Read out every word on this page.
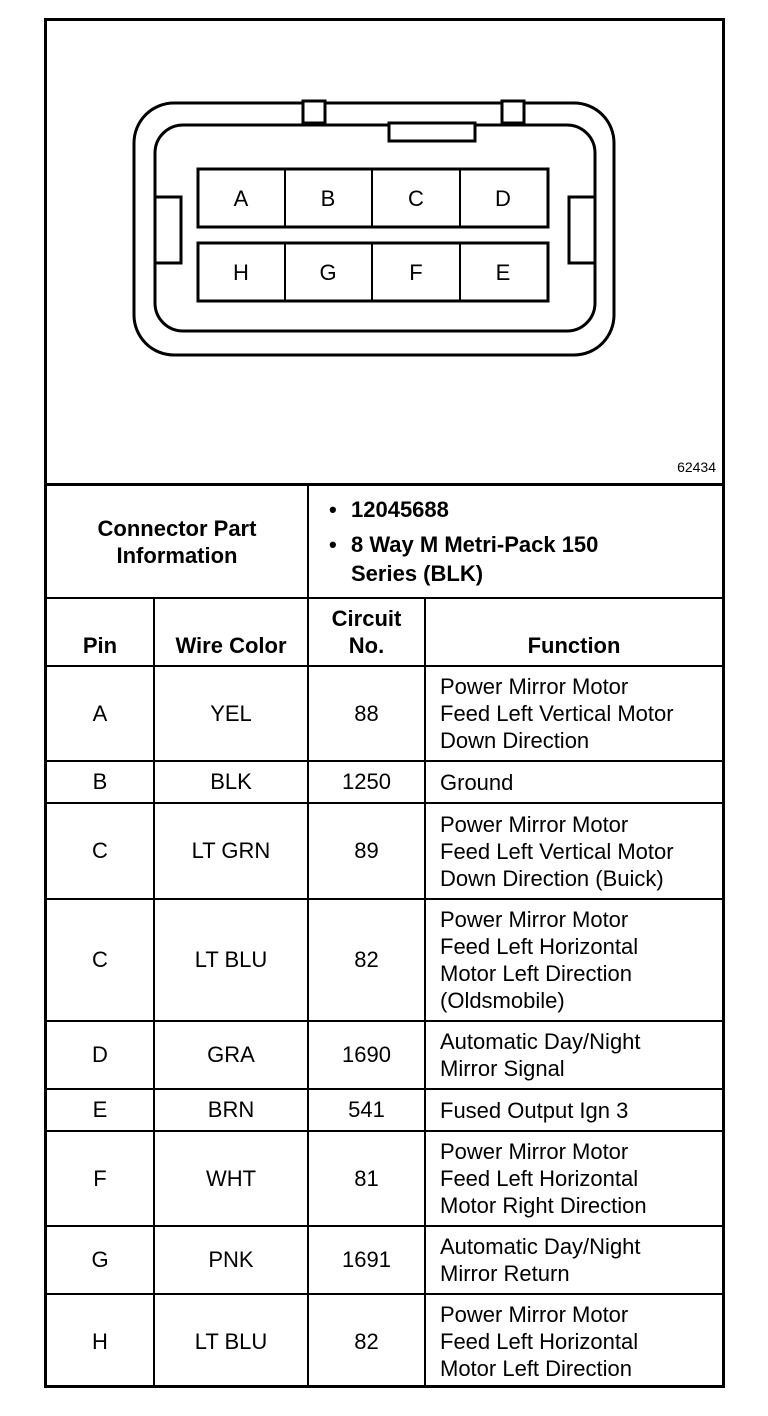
A	B	C	D
H	G	F	E
62434
Connector Part Information		• 12045688
• 8 Way M Metri-Pack 150 Series (BLK)	

Pin	Wire Color	Circuit No.	Function
A	YEL	88	Power Mirror Motor
Feed Left Vertical Motor
Down Direction

B	BLK	1250	Ground

C	LT GRN	89	Power Mirror Motor
Feed Left Vertical Motor
Down Direction (Buick)

C	LT BLU	82	Power Mirror Motor
Feed Left Horizontal
Motor Left Direction
(Oldsmobile)

D	GRA	1690	Automatic Day/Night
Mirror Signal

E	BRN	541	Fused Output Ign 3

F	WHT	81	Power Mirror Motor
Feed Left Horizontal
Motor Right Direction

G	PNK	1691	Automatic Day/Night
Mirror Return

H	LT BLU	82	Power Mirror Motor
Feed Left Horizontal
Motor Left Direction
